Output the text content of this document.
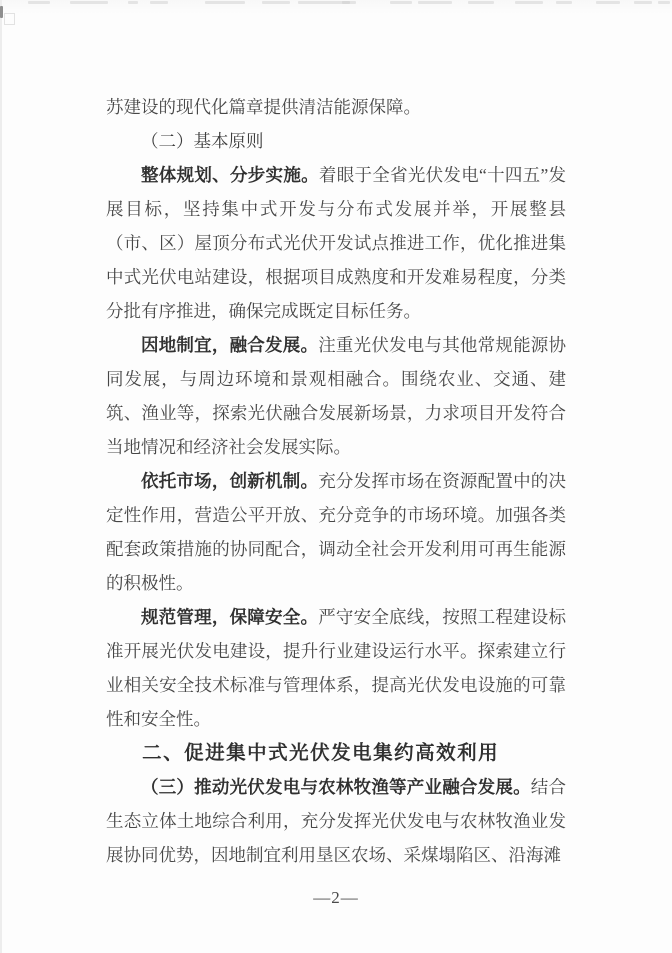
苏建设的现代化篇章提供清洁能源保障。

（二）基本原则

整体规划、分步实施。着眼于全省光伏发电“十四五”发展目标，坚持集中式开发与分布式发展并举，开展整县（市、区）屋顶分布式光伏开发试点推进工作，优化推进集中式光伏电站建设，根据项目成熟度和开发难易程度，分类分批有序推进，确保完成既定目标任务。

因地制宜，融合发展。注重光伏发电与其他常规能源协同发展，与周边环境和景观相融合。围绕农业、交通、建筑、渔业等，探索光伏融合发展新场景，力求项目开发符合当地情况和经济社会发展实际。

依托市场，创新机制。充分发挥市场在资源配置中的决定性作用，营造公平开放、充分竞争的市场环境。加强各类配套政策措施的协同配合，调动全社会开发利用可再生能源的积极性。

规范管理，保障安全。严守安全底线，按照工程建设标准开展光伏发电建设，提升行业建设运行水平。探索建立行业相关安全技术标准与管理体系，提高光伏发电设施的可靠性和安全性。

二、促进集中式光伏发电集约高效利用

（三）推动光伏发电与农林牧渔等产业融合发展。结合生态立体土地综合利用，充分发挥光伏发电与农林牧渔业发展协同优势，因地制宜利用垦区农场、采煤塌陷区、沿海滩

—2—
